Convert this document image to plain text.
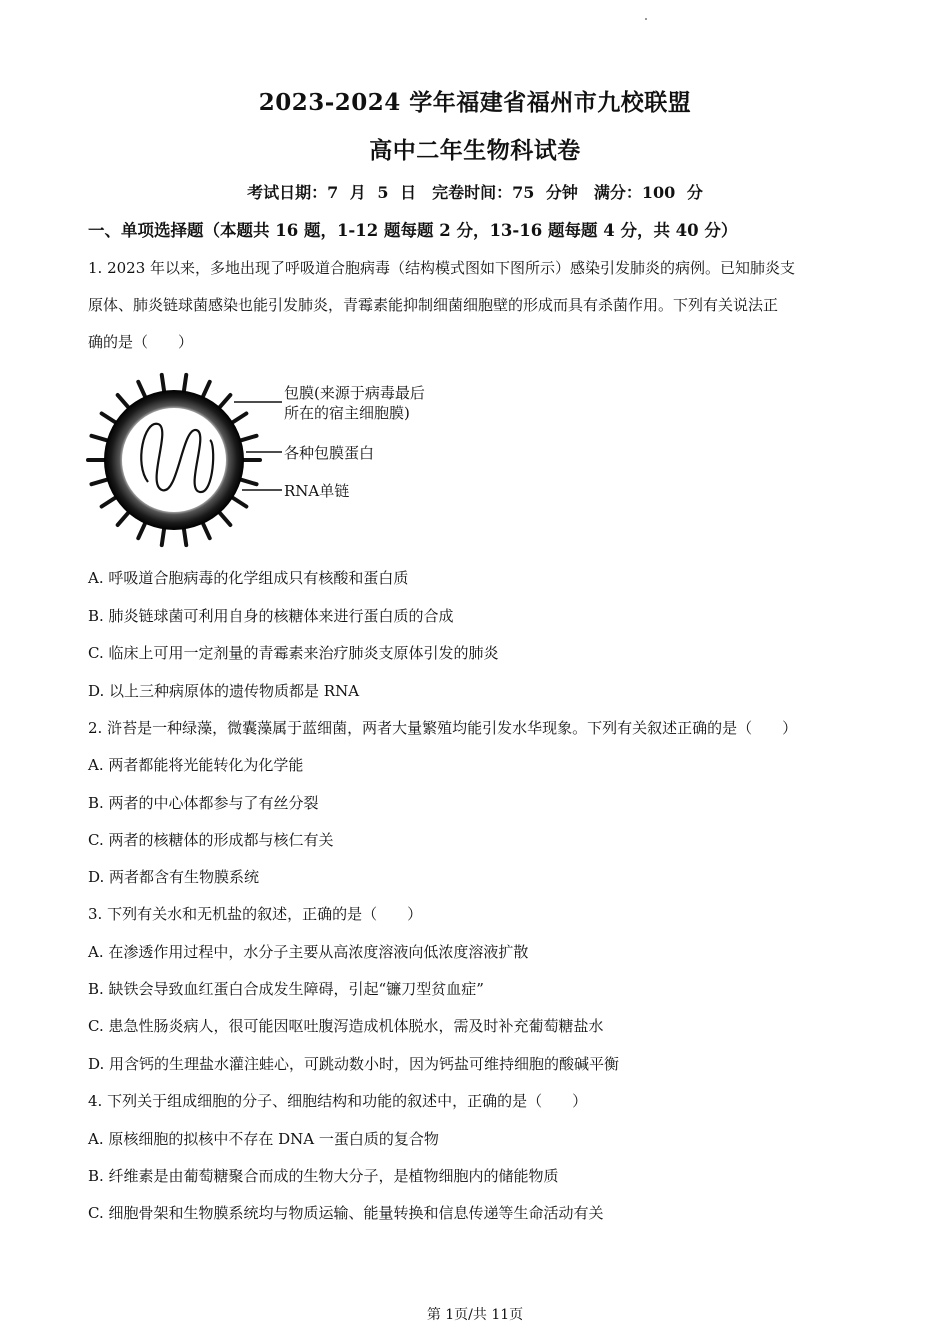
2023-2024 学年福建省福州市九校联盟
高中二年生物科试卷
考试日期：7 月 5 日　完卷时间：75 分钟　满分：100 分
一、单项选择题（本题共 16 题，1-12 题每题 2 分，13-16 题每题 4 分，共 40 分）
1. 2023 年以来，多地出现了呼吸道合胞病毒（结构模式图如下图所示）感染引发肺炎的病例。已知肺炎支
原体、肺炎链球菌感染也能引发肺炎，青霉素能抑制细菌细胞壁的形成而具有杀菌作用。下列有关说法正
确的是（　　）
包膜(来源于病毒最后
所在的宿主细胞膜)
各种包膜蛋白
RNA单链
A. 呼吸道合胞病毒的化学组成只有核酸和蛋白质
B. 肺炎链球菌可利用自身的核糖体来进行蛋白质的合成
C. 临床上可用一定剂量的青霉素来治疗肺炎支原体引发的肺炎
D. 以上三种病原体的遗传物质都是 RNA
2. 浒苔是一种绿藻，微囊藻属于蓝细菌，两者大量繁殖均能引发水华现象。下列有关叙述正确的是（　　）
A. 两者都能将光能转化为化学能
B. 两者的中心体都参与了有丝分裂
C. 两者的核糖体的形成都与核仁有关
D. 两者都含有生物膜系统
3. 下列有关水和无机盐的叙述，正确的是（　　）
A. 在渗透作用过程中，水分子主要从高浓度溶液向低浓度溶液扩散
B. 缺铁会导致血红蛋白合成发生障碍，引起“镰刀型贫血症”
C. 患急性肠炎病人，很可能因呕吐腹泻造成机体脱水，需及时补充葡萄糖盐水
D. 用含钙的生理盐水灌注蛙心，可跳动数小时，因为钙盐可维持细胞的酸碱平衡
4. 下列关于组成细胞的分子、细胞结构和功能的叙述中，正确的是（　　）
A. 原核细胞的拟核中不存在 DNA 一蛋白质的复合物
B. 纤维素是由葡萄糖聚合而成的生物大分子，是植物细胞内的储能物质
C. 细胞骨架和生物膜系统均与物质运输、能量转换和信息传递等生命活动有关
第 1页/共 11页
